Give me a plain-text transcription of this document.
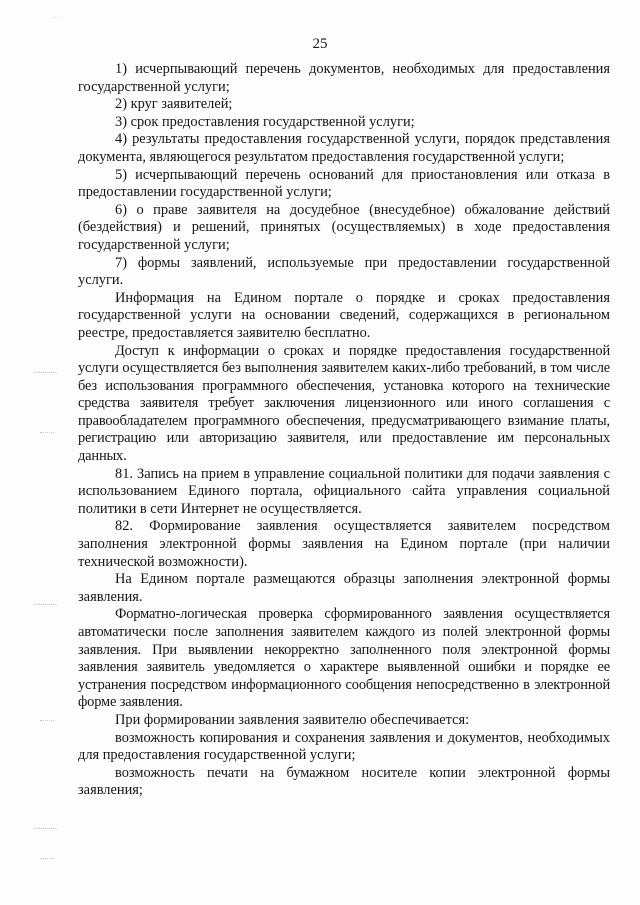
~ ·
25

1) исчерпывающий перечень документов, необходимых для предоставления государственной услуги;

2) круг заявителей;

3) срок предоставления государственной услуги;

4) результаты предоставления государственной услуги, порядок представления документа, являющегося результатом предоставления государственной услуги;

5) исчерпывающий перечень оснований для приостановления или отказа в предоставлении государственной услуги;

6) о праве заявителя на досудебное (внесудебное) обжалование действий (бездействия) и решений, принятых (осуществляемых) в ходе предоставления государственной услуги;

7) формы заявлений, используемые при предоставлении государственной услуги.

Информация на Едином портале о порядке и сроках предоставления государственной услуги на основании сведений, содержащихся в региональном реестре, предоставляется заявителю бесплатно.

Доступ к информации о сроках и порядке предоставления государственной услуги осуществляется без выполнения заявителем каких-либо требований, в том числе без использования программного обеспечения, установка которого на технические средства заявителя требует заключения лицензионного или иного соглашения с правообладателем программного обеспечения, предусматривающего взимание платы, регистрацию или авторизацию заявителя, или предоставление им персональных данных.

81. Запись на прием в управление социальной политики для подачи заявления с использованием Единого портала, официального сайта управления социальной политики в сети Интернет не осуществляется.

82. Формирование заявления осуществляется заявителем посредством заполнения электронной формы заявления на Едином портале (при наличии технической возможности).

На Едином портале размещаются образцы заполнения электронной формы заявления.

Форматно-логическая проверка сформированного заявления осуществляется автоматически после заполнения заявителем каждого из полей электронной формы заявления. При выявлении некорректно заполненного поля электронной формы заявления заявитель уведомляется о характере выявленной ошибки и порядке ее устранения посредством информационного сообщения непосредственно в электронной форме заявления.

При формировании заявления заявителю обеспечивается:

возможность копирования и сохранения заявления и документов, необходимых для предоставления государственной услуги;

возможность печати на бумажном носителе копии электронной формы заявления;
